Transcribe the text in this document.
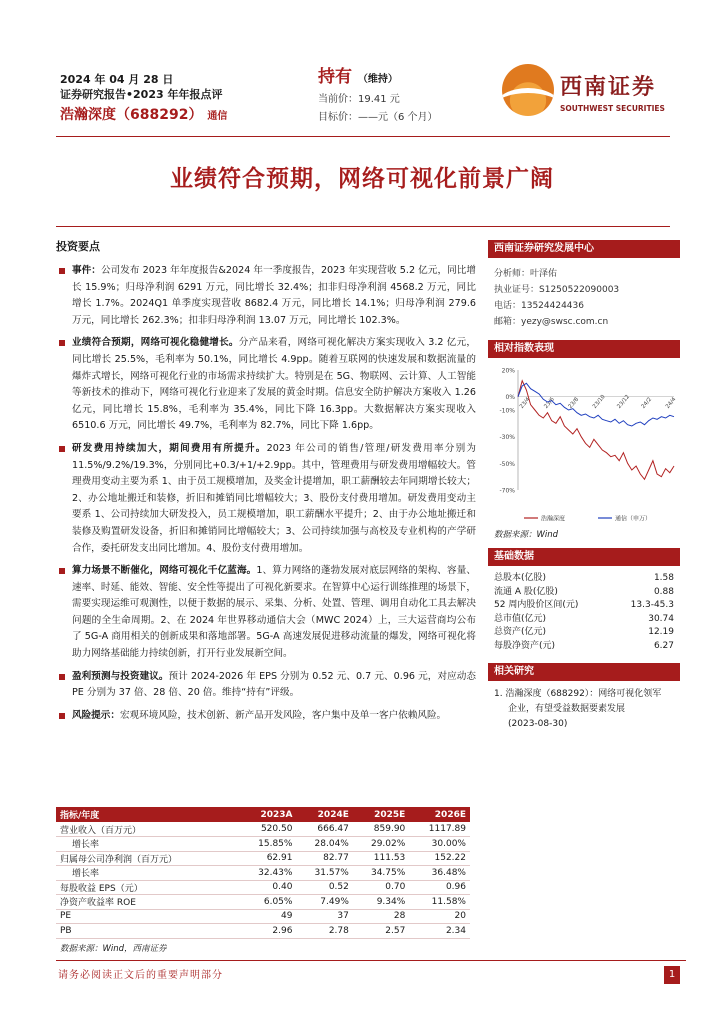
2024 年 04 月 28 日
证券研究报告•2023 年年报点评
浩瀚深度（688292） 通信
持有 （维持）
当前价：19.41 元
目标价：——元（6 个月）
西南证券
SOUTHWEST SECURITIES
业绩符合预期，网络可视化前景广阔
投资要点
事件：公司发布 2023 年年度报告&2024 年一季度报告，2023 年实现营收 5.2 亿元，同比增长 15.9%；归母净利润 6291 万元，同比增长 32.4%；扣非归母净利润 4568.2 万元，同比增长 1.7%。2024Q1 单季度实现营收 8682.4 万元，同比增长 14.1%；归母净利润 279.6 万元，同比增长 262.3%；扣非归母净利润 13.07 万元，同比增长 102.3%。
业绩符合预期，网络可视化稳健增长。分产品来看，网络可视化解决方案实现收入 3.2 亿元，同比增长 25.5%，毛利率为 50.1%，同比增长 4.9pp。随着互联网的快速发展和数据流量的爆炸式增长，网络可视化行业的市场需求持续扩大。特别是在 5G、物联网、云计算、人工智能等新技术的推动下，网络可视化行业迎来了发展的黄金时期。信息安全防护解决方案收入 1.26 亿元，同比增长 15.8%，毛利率为 35.4%，同比下降 16.3pp。大数据解决方案实现收入 6510.6 万元，同比增长 49.7%，毛利率为 82.7%，同比下降 1.6pp。
研发费用持续加大，期间费用有所提升。2023 年公司的销售/管理/研发费用率分别为 11.5%/9.2%/19.3%，分别同比+0.3/+1/+2.9pp。其中，管理费用与研发费用增幅较大。管理费用变动主要为系 1、由于员工规模增加，及奖金计提增加，职工薪酬较去年同期增长较大；2、办公地址搬迁和装修，折旧和摊销同比增幅较大；3、股份支付费用增加。研发费用变动主要系 1、公司持续加大研发投入，员工规模增加，职工薪酬水平提升；2、由于办公地址搬迁和装修及购置研发设备，折旧和摊销同比增幅较大；3、公司持续加强与高校及专业机构的产学研合作，委托研发支出同比增加。4、股份支付费用增加。
算力场景不断催化，网络可视化千亿蓝海。1、算力网络的蓬勃发展对底层网络的架构、容量、速率、时延、能效、智能、安全性等提出了可视化新要求。在智算中心运行训练推理的场景下，需要实现运维可观测性，以便于数据的展示、采集、分析、处置、管理、调用自动化工具去解决问题的全生命周期。2、在 2024 年世界移动通信大会（MWC 2024）上，三大运营商均公布了 5G-A 商用相关的创新成果和落地部署。5G-A 高速发展促进移动流量的爆发，网络可视化将助力网络基础能力持续创新，打开行业发展新空间。
盈利预测与投资建议。预计 2024-2026 年 EPS 分别为 0.52 元、0.7 元、0.96 元，对应动态 PE 分别为 37 倍、28 倍、20 倍。维持“持有”评级。
风险提示：宏观环境风险，技术创新、新产品开发风险，客户集中及单一客户依赖风险。
西南证券研究发展中心
分析师：叶泽佑
执业证号：S1250522090003
电话：13524424436
邮箱：yezy@swsc.com.cn
相对指数表现
20%
0%
-10%
-30%
-50%
-70%
23/4 23/6 23/8 23/10 23/12 24/2 24/4
浩瀚深度	通信（申万）
数据来源：Wind
基础数据
总股本(亿股)	1.58
流通 A 股(亿股)	0.88
52 周内股价区间(元)	13.3-45.3
总市值(亿元)	30.74
总资产(亿元)	12.19
每股净资产(元)	6.27
相关研究
1. 浩瀚深度（688292）：网络可视化领军
企业，有望受益数据要素发展
(2023-08-30)
指标/年度	2023A	2024E	2025E	2026E
营业收入（百万元）	520.50	666.47	859.90	1117.89
增长率	15.85%	28.04%	29.02%	30.00%
归属母公司净利润（百万元）	62.91	82.77	111.53	152.22
增长率	32.43%	31.57%	34.75%	36.48%
每股收益 EPS（元）	0.40	0.52	0.70	0.96
净资产收益率 ROE	6.05%	7.49%	9.34%	11.58%
PE	49	37	28	20
PB	2.96	2.78	2.57	2.34
数据来源：Wind，西南证券
请务必阅读正文后的重要声明部分	1
